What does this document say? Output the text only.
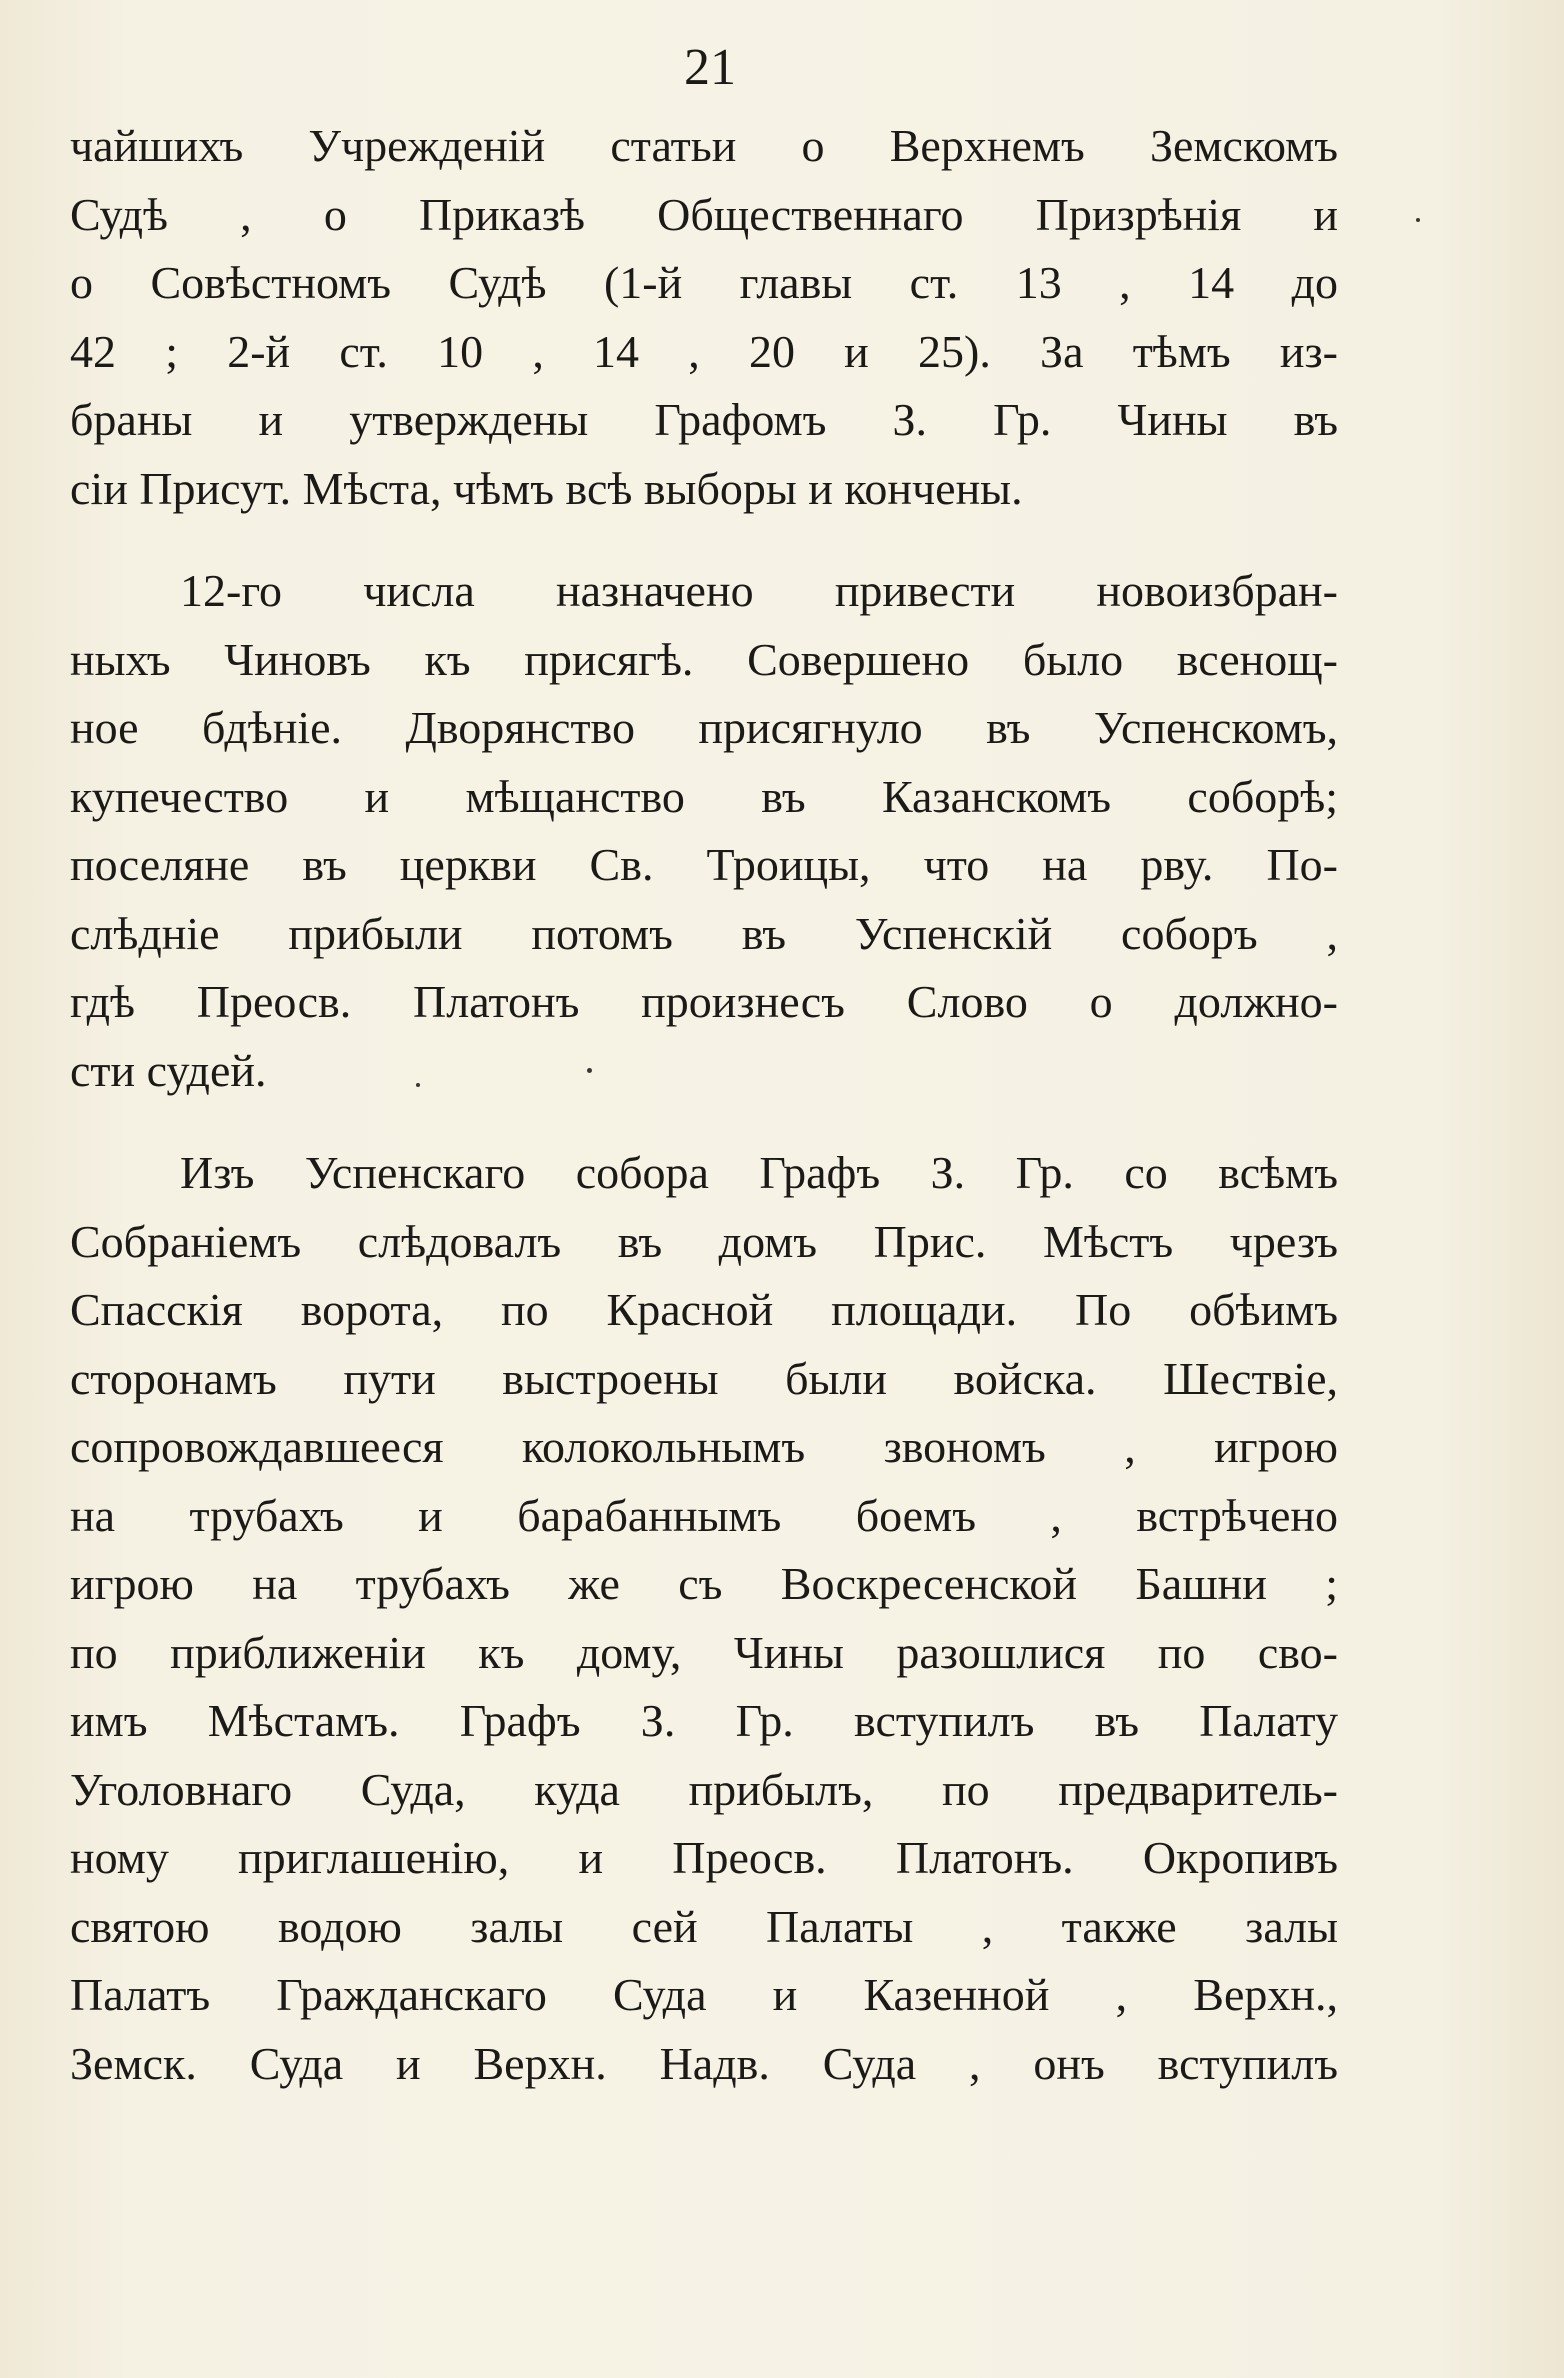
21
чайшихъ Учрежденій статьи о Верхнемъ Земскомъ
Судѣ , о Приказѣ Общественнаго Призрѣнія и
о Совѣстномъ Судѣ (1-й главы ст. 13 , 14 до
42 ; 2-й ст. 10 , 14 , 20 и 25). За тѣмъ из-
браны и утверждены Графомъ З. Гр. Чины въ
сіи Присут. Мѣста, чѣмъ всѣ выборы и кончены.
12-го числа назначено привести новоизбран-
ныхъ Чиновъ къ присягѣ. Совершено было всенощ-
ное бдѣніе. Дворянство присягнуло въ Успенскомъ,
купечество и мѣщанство въ Казанскомъ соборѣ;
поселяне въ церкви Св. Троицы, что на рву. По-
слѣдніе прибыли потомъ въ Успенскій соборъ ,
гдѣ Преосв. Платонъ произнесъ Слово о должно-
сти судей.
Изъ Успенскаго собора Графъ З. Гр. со всѣмъ
Собраніемъ слѣдовалъ въ домъ Прис. Мѣстъ чрезъ
Спасскія ворота, по Красной площади. По обѣимъ
сторонамъ пути выстроены были войска. Шествіе,
сопровождавшееся колокольнымъ звономъ , игрою
на трубахъ и барабаннымъ боемъ , встрѣчено
игрою на трубахъ же съ Воскресенской Башни ;
по приближеніи къ дому, Чины разошлися по сво-
имъ Мѣстамъ. Графъ З. Гр. вступилъ въ Палату
Уголовнаго Суда, куда прибылъ, по предваритель-
ному приглашенію, и Преосв. Платонъ. Окропивъ
святою водою залы сей Палаты , также залы
Палатъ Гражданскаго Суда и Казенной , Верхн.,
Земск. Суда и Верхн. Надв. Суда , онъ вступилъ
